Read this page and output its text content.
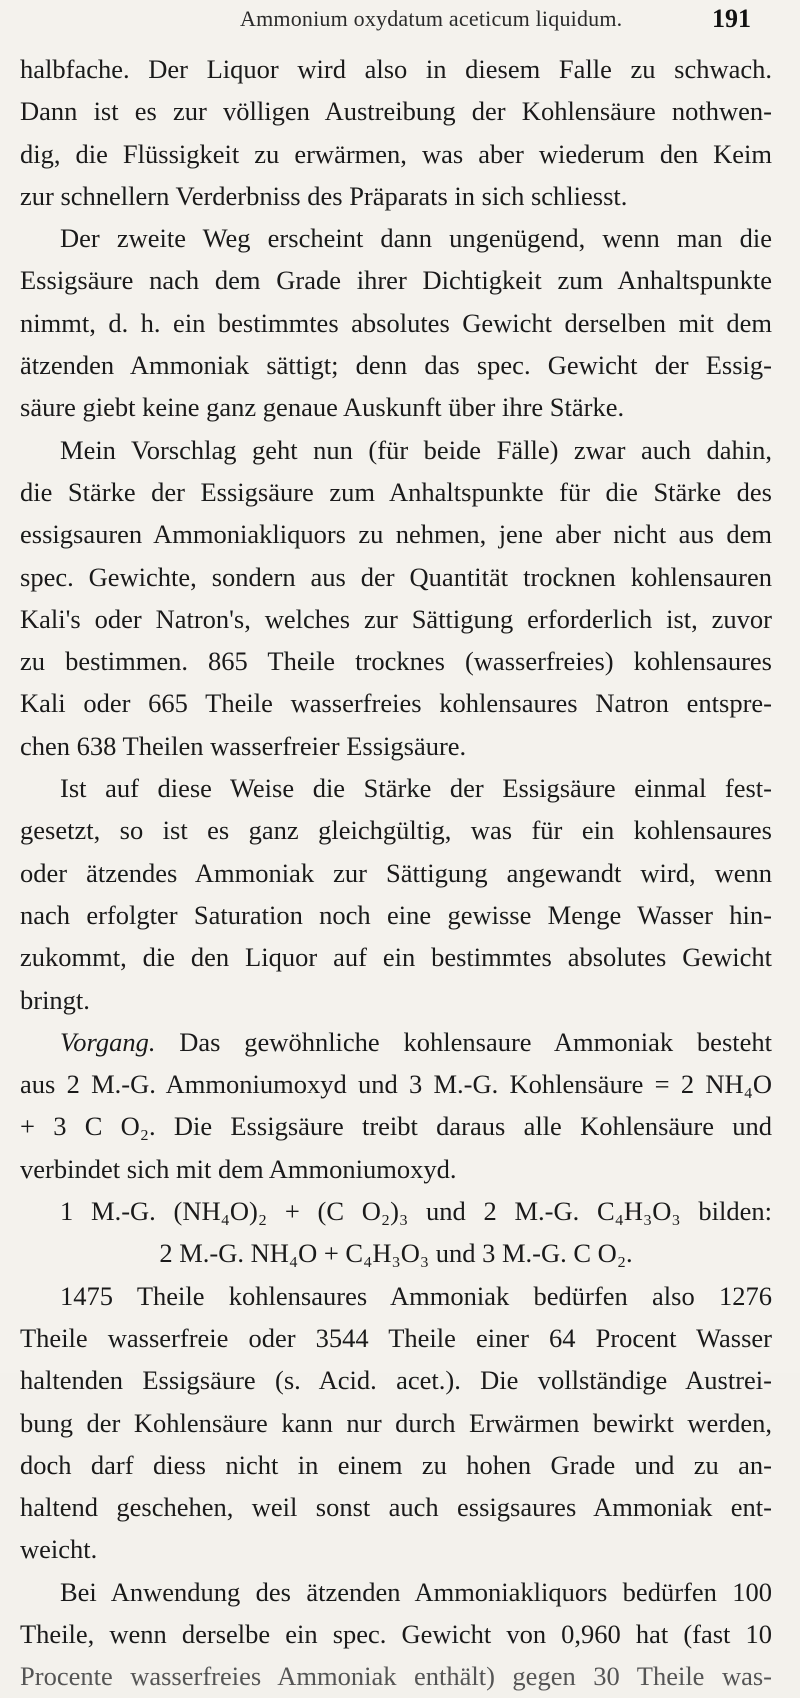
Ammonium oxydatum aceticum liquidum.	191
halbfache. Der Liquor wird also in diesem Falle zu schwach.
Dann ist es zur völligen Austreibung der Kohlensäure nothwen-
dig, die Flüssigkeit zu erwärmen, was aber wiederum den Keim
zur schnellern Verderbniss des Präparats in sich schliesst.
Der zweite Weg erscheint dann ungenügend, wenn man die
Essigsäure nach dem Grade ihrer Dichtigkeit zum Anhaltspunkte
nimmt, d. h. ein bestimmtes absolutes Gewicht derselben mit dem
ätzenden Ammoniak sättigt; denn das spec. Gewicht der Essig-
säure giebt keine ganz genaue Auskunft über ihre Stärke.
Mein Vorschlag geht nun (für beide Fälle) zwar auch dahin,
die Stärke der Essigsäure zum Anhaltspunkte für die Stärke des
essigsauren Ammoniakliquors zu nehmen, jene aber nicht aus dem
spec. Gewichte, sondern aus der Quantität trocknen kohlensauren
Kali's oder Natron's, welches zur Sättigung erforderlich ist, zuvor
zu bestimmen. 865 Theile trocknes (wasserfreies) kohlensaures
Kali oder 665 Theile wasserfreies kohlensaures Natron entspre-
chen 638 Theilen wasserfreier Essigsäure.
Ist auf diese Weise die Stärke der Essigsäure einmal fest-
gesetzt, so ist es ganz gleichgültig, was für ein kohlensaures
oder ätzendes Ammoniak zur Sättigung angewandt wird, wenn
nach erfolgter Saturation noch eine gewisse Menge Wasser hin-
zukommt, die den Liquor auf ein bestimmtes absolutes Gewicht
bringt.
Vorgang. Das gewöhnliche kohlensaure Ammoniak besteht
aus 2 M.-G. Ammoniumoxyd und 3 M.-G. Kohlensäure = 2 NH₄O
+ 3 C O₂. Die Essigsäure treibt daraus alle Kohlensäure und
verbindet sich mit dem Ammoniumoxyd.
1 M.-G. (NH₄O)₂ + (C O₂)₃ und 2 M.-G. C₄H₃O₃ bilden:
2 M.-G. NH₄O + C₄H₃O₃ und 3 M.-G. C O₂.
1475 Theile kohlensaures Ammoniak bedürfen also 1276
Theile wasserfreie oder 3544 Theile einer 64 Procent Wasser
haltenden Essigsäure (s. Acid. acet.). Die vollständige Austrei-
bung der Kohlensäure kann nur durch Erwärmen bewirkt werden,
doch darf diess nicht in einem zu hohen Grade und zu an-
haltend geschehen, weil sonst auch essigsaures Ammoniak ent-
weicht.
Bei Anwendung des ätzenden Ammoniakliquors bedürfen 100
Theile, wenn derselbe ein spec. Gewicht von 0,960 hat (fast 10
Procente wasserfreies Ammoniak enthält) gegen 30 Theile was-
